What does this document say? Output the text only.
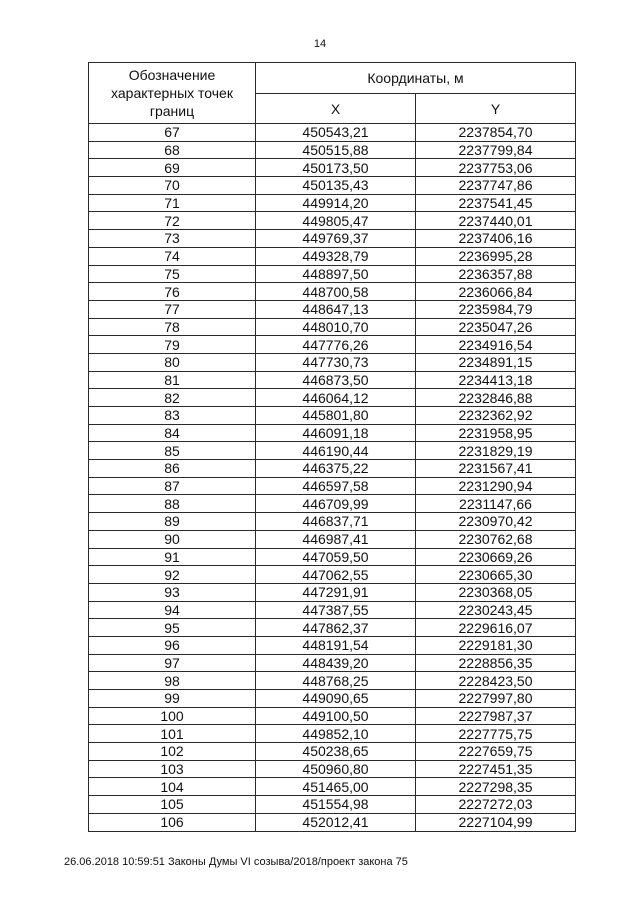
14
Обозначение характерных точек границ	Координаты, м	
	X	Y
67	450543,21	2237854,70
68	450515,88	2237799,84
69	450173,50	2237753,06
70	450135,43	2237747,86
71	449914,20	2237541,45
72	449805,47	2237440,01
73	449769,37	2237406,16
74	449328,79	2236995,28
75	448897,50	2236357,88
76	448700,58	2236066,84
77	448647,13	2235984,79
78	448010,70	2235047,26
79	447776,26	2234916,54
80	447730,73	2234891,15
81	446873,50	2234413,18
82	446064,12	2232846,88
83	445801,80	2232362,92
84	446091,18	2231958,95
85	446190,44	2231829,19
86	446375,22	2231567,41
87	446597,58	2231290,94
88	446709,99	2231147,66
89	446837,71	2230970,42
90	446987,41	2230762,68
91	447059,50	2230669,26
92	447062,55	2230665,30
93	447291,91	2230368,05
94	447387,55	2230243,45
95	447862,37	2229616,07
96	448191,54	2229181,30
97	448439,20	2228856,35
98	448768,25	2228423,50
99	449090,65	2227997,80
100	449100,50	2227987,37
101	449852,10	2227775,75
102	450238,65	2227659,75
103	450960,80	2227451,35
104	451465,00	2227298,35
105	451554,98	2227272,03
106	452012,41	2227104,99
26.06.2018 10:59:51 Законы Думы VI созыва/2018/проект закона 75
